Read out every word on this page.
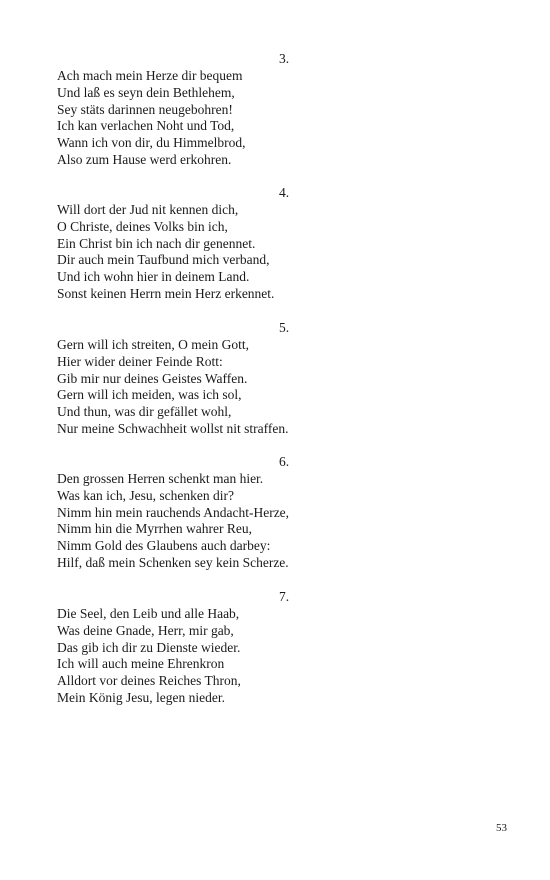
3.
Ach mach mein Herze dir bequem
Und laß es seyn dein Bethlehem,
Sey stäts darinnen neugebohren!
Ich kan verlachen Noht und Tod,
Wann ich von dir, du Himmelbrod,
Also zum Hause werd erkohren.
4.
Will dort der Jud nit kennen dich,
O Christe, deines Volks bin ich,
Ein Christ bin ich nach dir genennet.
Dir auch mein Taufbund mich verband,
Und ich wohn hier in deinem Land.
Sonst keinen Herrn mein Herz erkennet.
5.
Gern will ich streiten, O mein Gott,
Hier wider deiner Feinde Rott:
Gib mir nur deines Geistes Waffen.
Gern will ich meiden, was ich sol,
Und thun, was dir gefället wohl,
Nur meine Schwachheit wollst nit straffen.
6.
Den grossen Herren schenkt man hier.
Was kan ich, Jesu, schenken dir?
Nimm hin mein rauchends Andacht-Herze,
Nimm hin die Myrrhen wahrer Reu,
Nimm Gold des Glaubens auch darbey:
Hilf, daß mein Schenken sey kein Scherze.
7.
Die Seel, den Leib und alle Haab,
Was deine Gnade, Herr, mir gab,
Das gib ich dir zu Dienste wieder.
Ich will auch meine Ehrenkron
Alldort vor deines Reiches Thron,
Mein König Jesu, legen nieder.
53
